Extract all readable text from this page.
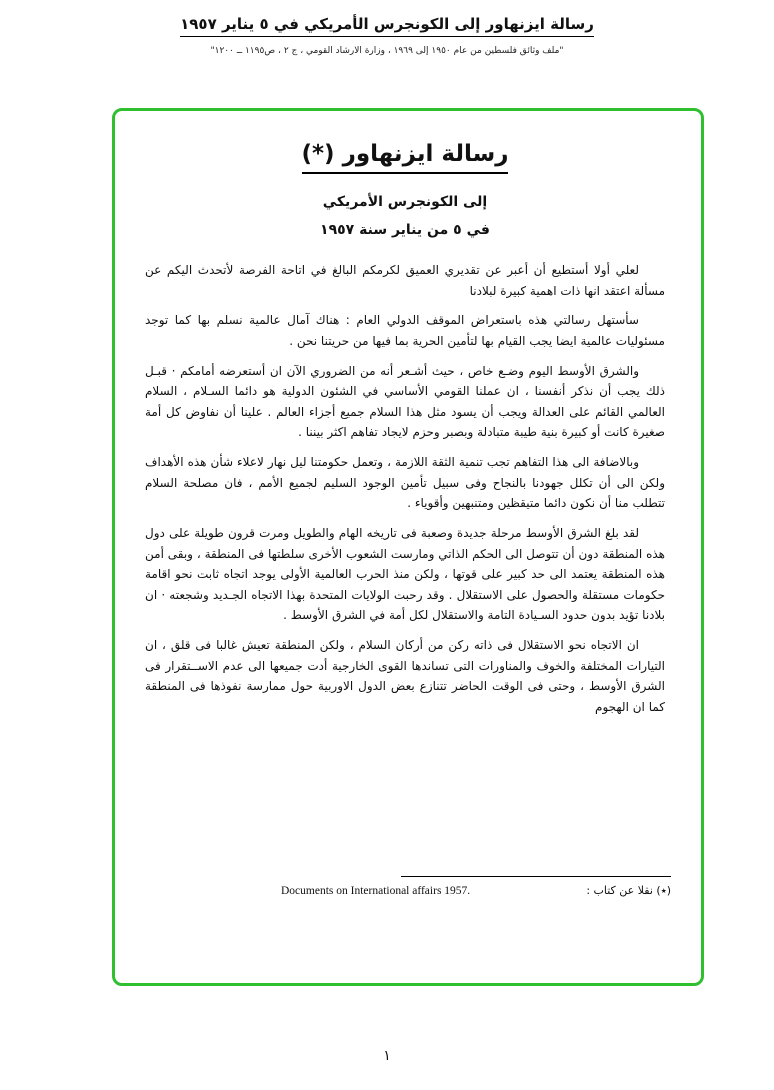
رسالة ايزنهاور إلى الكونجرس الأمريكي في ٥ يناير ١٩٥٧
"ملف وثائق فلسطين من عام ١٩٥٠ إلى ١٩٦٩ ، وزارة الارشاد القومي ، ج ٢ ، ص١١٩٥ ــ ١٢٠٠"
رسالة ايزنهاور (*)
إلى الكونجرس الأمريكي
في ٥ من يناير سنة ١٩٥٧

لعلي أولا أستطيع أن أعبر عن تقديري العميق لكرمكم البالغ في اتاحة الفرصة لأتحدث اليكم عن مسألة اعتقد انها ذات اهمية كبيرة لبلادنا

سأستهل رسالتي هذه باستعراض الموقف الدولي العام : هناك آمال عالمية نسلم بها كما توجد مسئوليات عالمية ايضا يجب القيام بها لتأمين الحرية بما فيها من حريتنا نحن .

والشرق الأوسط اليوم وضـع خاص ، حيث أشـعر أنه من الضروري الآن ان أستعرضه أمامكم · قبـل ذلك يجب أن نذكر أنفسنا ، ان عملنا القومي الأساسي في الشئون الدولية هو دائما السـلام ، السلام العالمي القائم على العدالة ويجب أن يسود مثل هذا السلام جميع أجزاء العالم . علينا أن نفاوض كل أمة صغيرة كانت أو كبيرة بنية طيبة متبادلة وبصبر وحزم لايجاد تفاهم اكثر بيننا .

وبالاضافة الى هذا التفاهم تجب تنمية الثقة اللازمة ، وتعمل حكومتنا ليل نهار لاعلاء شأن هذه الأهداف ولكن الى أن تكلل جهودنا بالنجاح وفى سبيل تأمين الوجود السليم لجميع الأمم ، فان مصلحة السلام تتطلب منا أن نكون دائما متيقظين ومتنبهين وأقوياء .

لقد بلغ الشرق الأوسط مرحلة جديدة وصعبة فى تاريخه الهام والطويل ومرت قرون طويلة على دول هذه المنطقة دون أن تتوصل الى الحكم الذاتي ومارست الشعوب الأخرى سلطتها فى المنطقة ، وبقى أمن هذه المنطقة يعتمد الى حد كبير على قوتها ، ولكن منذ الحرب العالمية الأولى يوجد اتجاه ثابت نحو اقامة حكومات مستقلة والحصول على الاستقلال . وقد رحبت الولايات المتحدة بهذا الاتجاه الجـديد وشجعته · ان بلادنا تؤيد بدون حدود السـيادة التامة والاستقلال لكل أمة في الشرق الأوسط .

ان الاتجاه نحو الاستقلال فى ذاته ركن من أركان السلام ، ولكن المنطقة تعيش غالبا فى قلق ، ان التيارات المختلفة والخوف والمناورات التى تساندها القوى الخارجية أدت جميعها الى عدم الاســتقرار فى الشرق الأوسط ، وحتى فى الوقت الحاضر تتنازع بعض الدول الاوربية حول ممارسة نفوذها فى المنطقة كما ان الهجوم

(٭) نقلا عن كتاب :
Documents on International affairs 1957.
١
